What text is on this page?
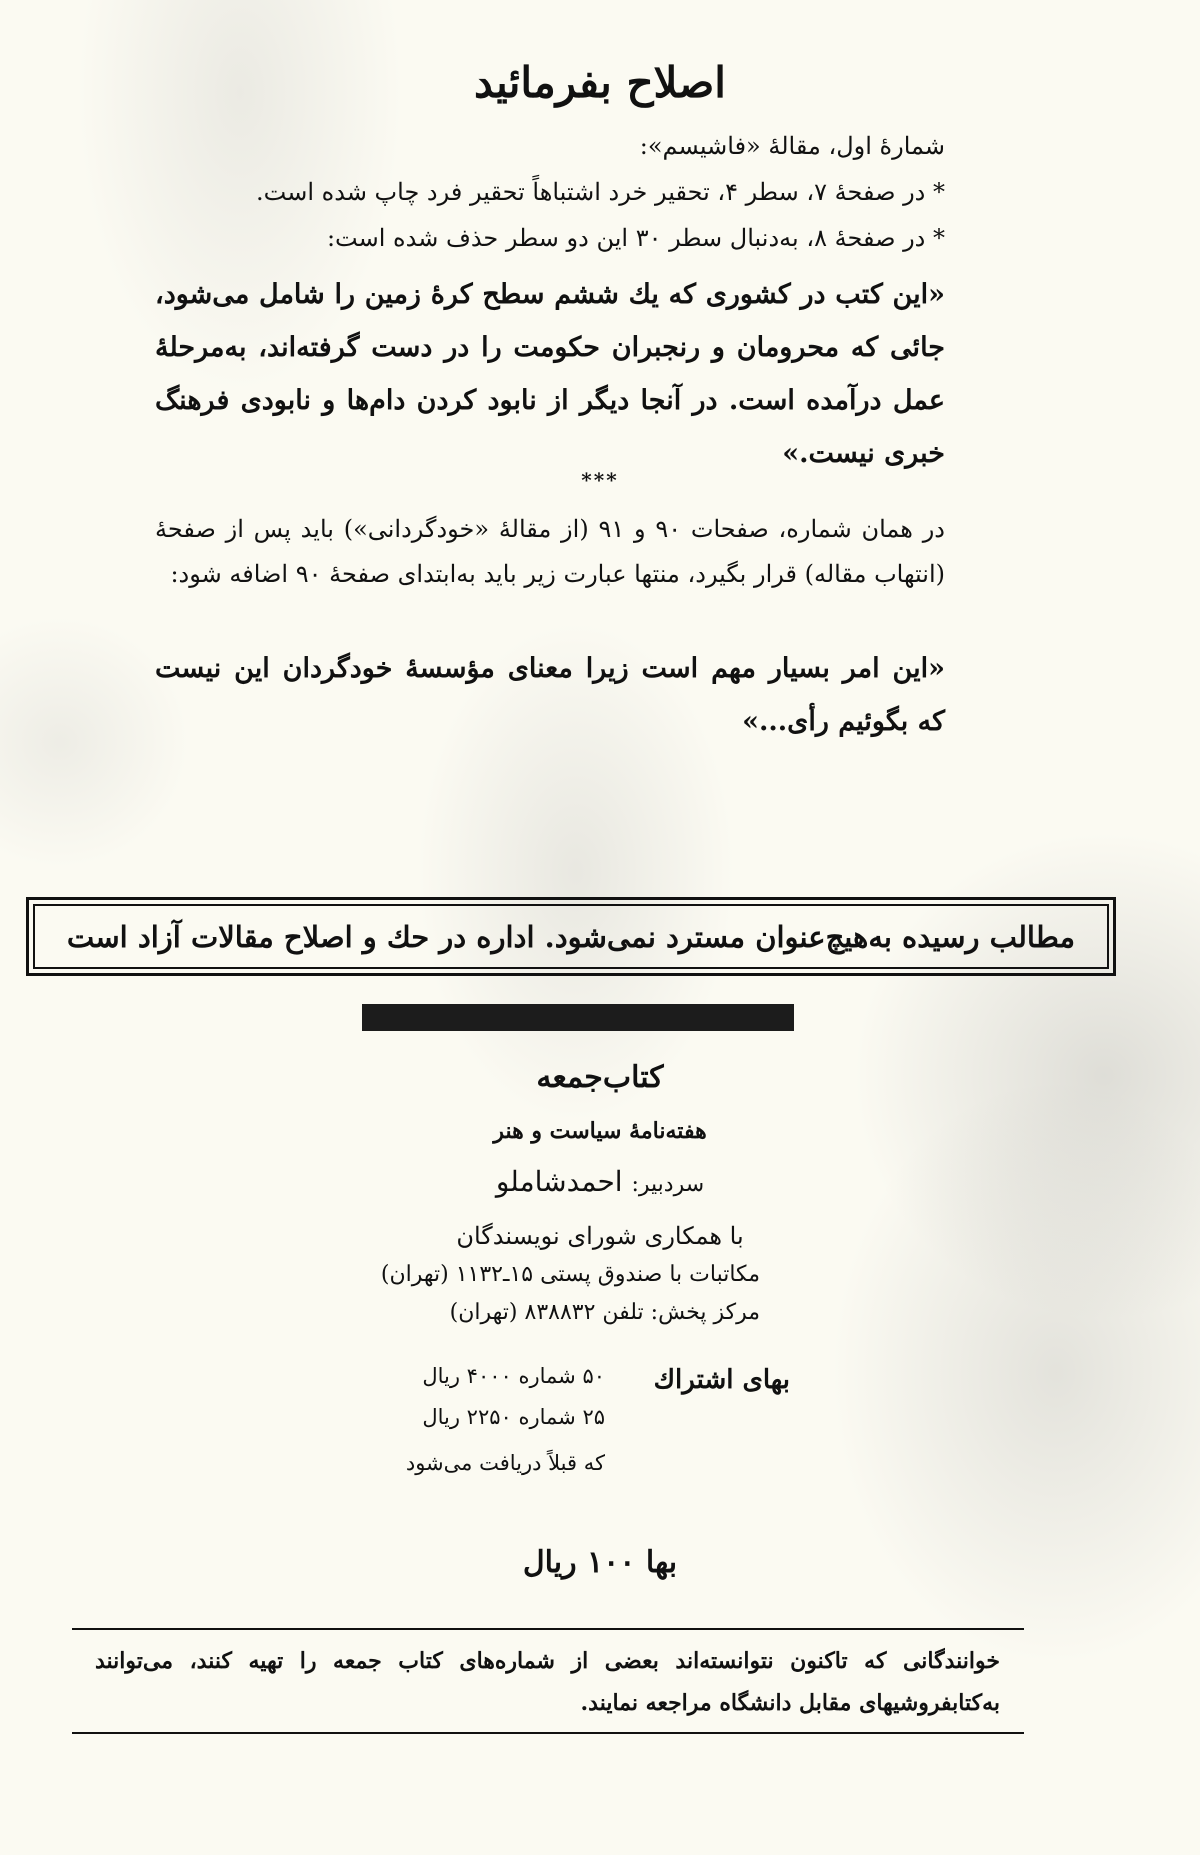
اصلاح بفرمائید
شمارهٔ اول، مقالهٔ «فاشیسم»:
* در صفحهٔ ۷، سطر ۴، تحقیر خرد اشتباهاً تحقیر فرد چاپ شده است.
* در صفحهٔ ۸، به‌دنبال سطر ۳۰ این دو سطر حذف شده است:
«این کتب در کشوری که یك ششم سطح کرهٔ زمین را شامل می‌شود، جائی که محرومان و رنجبران حکومت را در دست گرفته‌اند، به‌مرحلهٔ عمل درآمده است. در آنجا دیگر از نابود کردن دام‌ها و نابودی فرهنگ خبری نیست.»
***
در همان شماره، صفحات ۹۰ و ۹۱ (از مقالهٔ «خودگردانی») باید پس از صفحهٔ (انتهاب مقاله) قرار بگیرد، منتها عبارت زیر باید به‌ابتدای صفحهٔ ۹۰ اضافه شود:
«این امر بسیار مهم است زیرا معنای مؤسسهٔ خودگردان این نیست که بگوئیم رأی...»
مطالب رسیده به‌هیچ‌عنوان مسترد نمی‌شود. اداره در حك و اصلاح مقالات آزاد است
کتاب‌جمعه
هفته‌نامهٔ سیاست و هنر
سردبیر: احمدشاملو
با همکاری شورای نویسندگان
مکاتبات با صندوق پستی ۱۵ـ۱۱۳۲ (تهران)
مرکز پخش: تلفن ۸۳۸۸۳۲ (تهران)
بهای اشتراك
۵۰ شماره ۴۰۰۰ ریال
۲۵ شماره ۲۲۵۰ ریال
که قبلاً دریافت می‌شود
بها ۱۰۰ ریال
خوانندگانی که تاکنون نتوانسته‌اند بعضی از شماره‌های کتاب جمعه را تهیه کنند، می‌توانند به‌کتابفروشیهای مقابل دانشگاه مراجعه نمایند.
